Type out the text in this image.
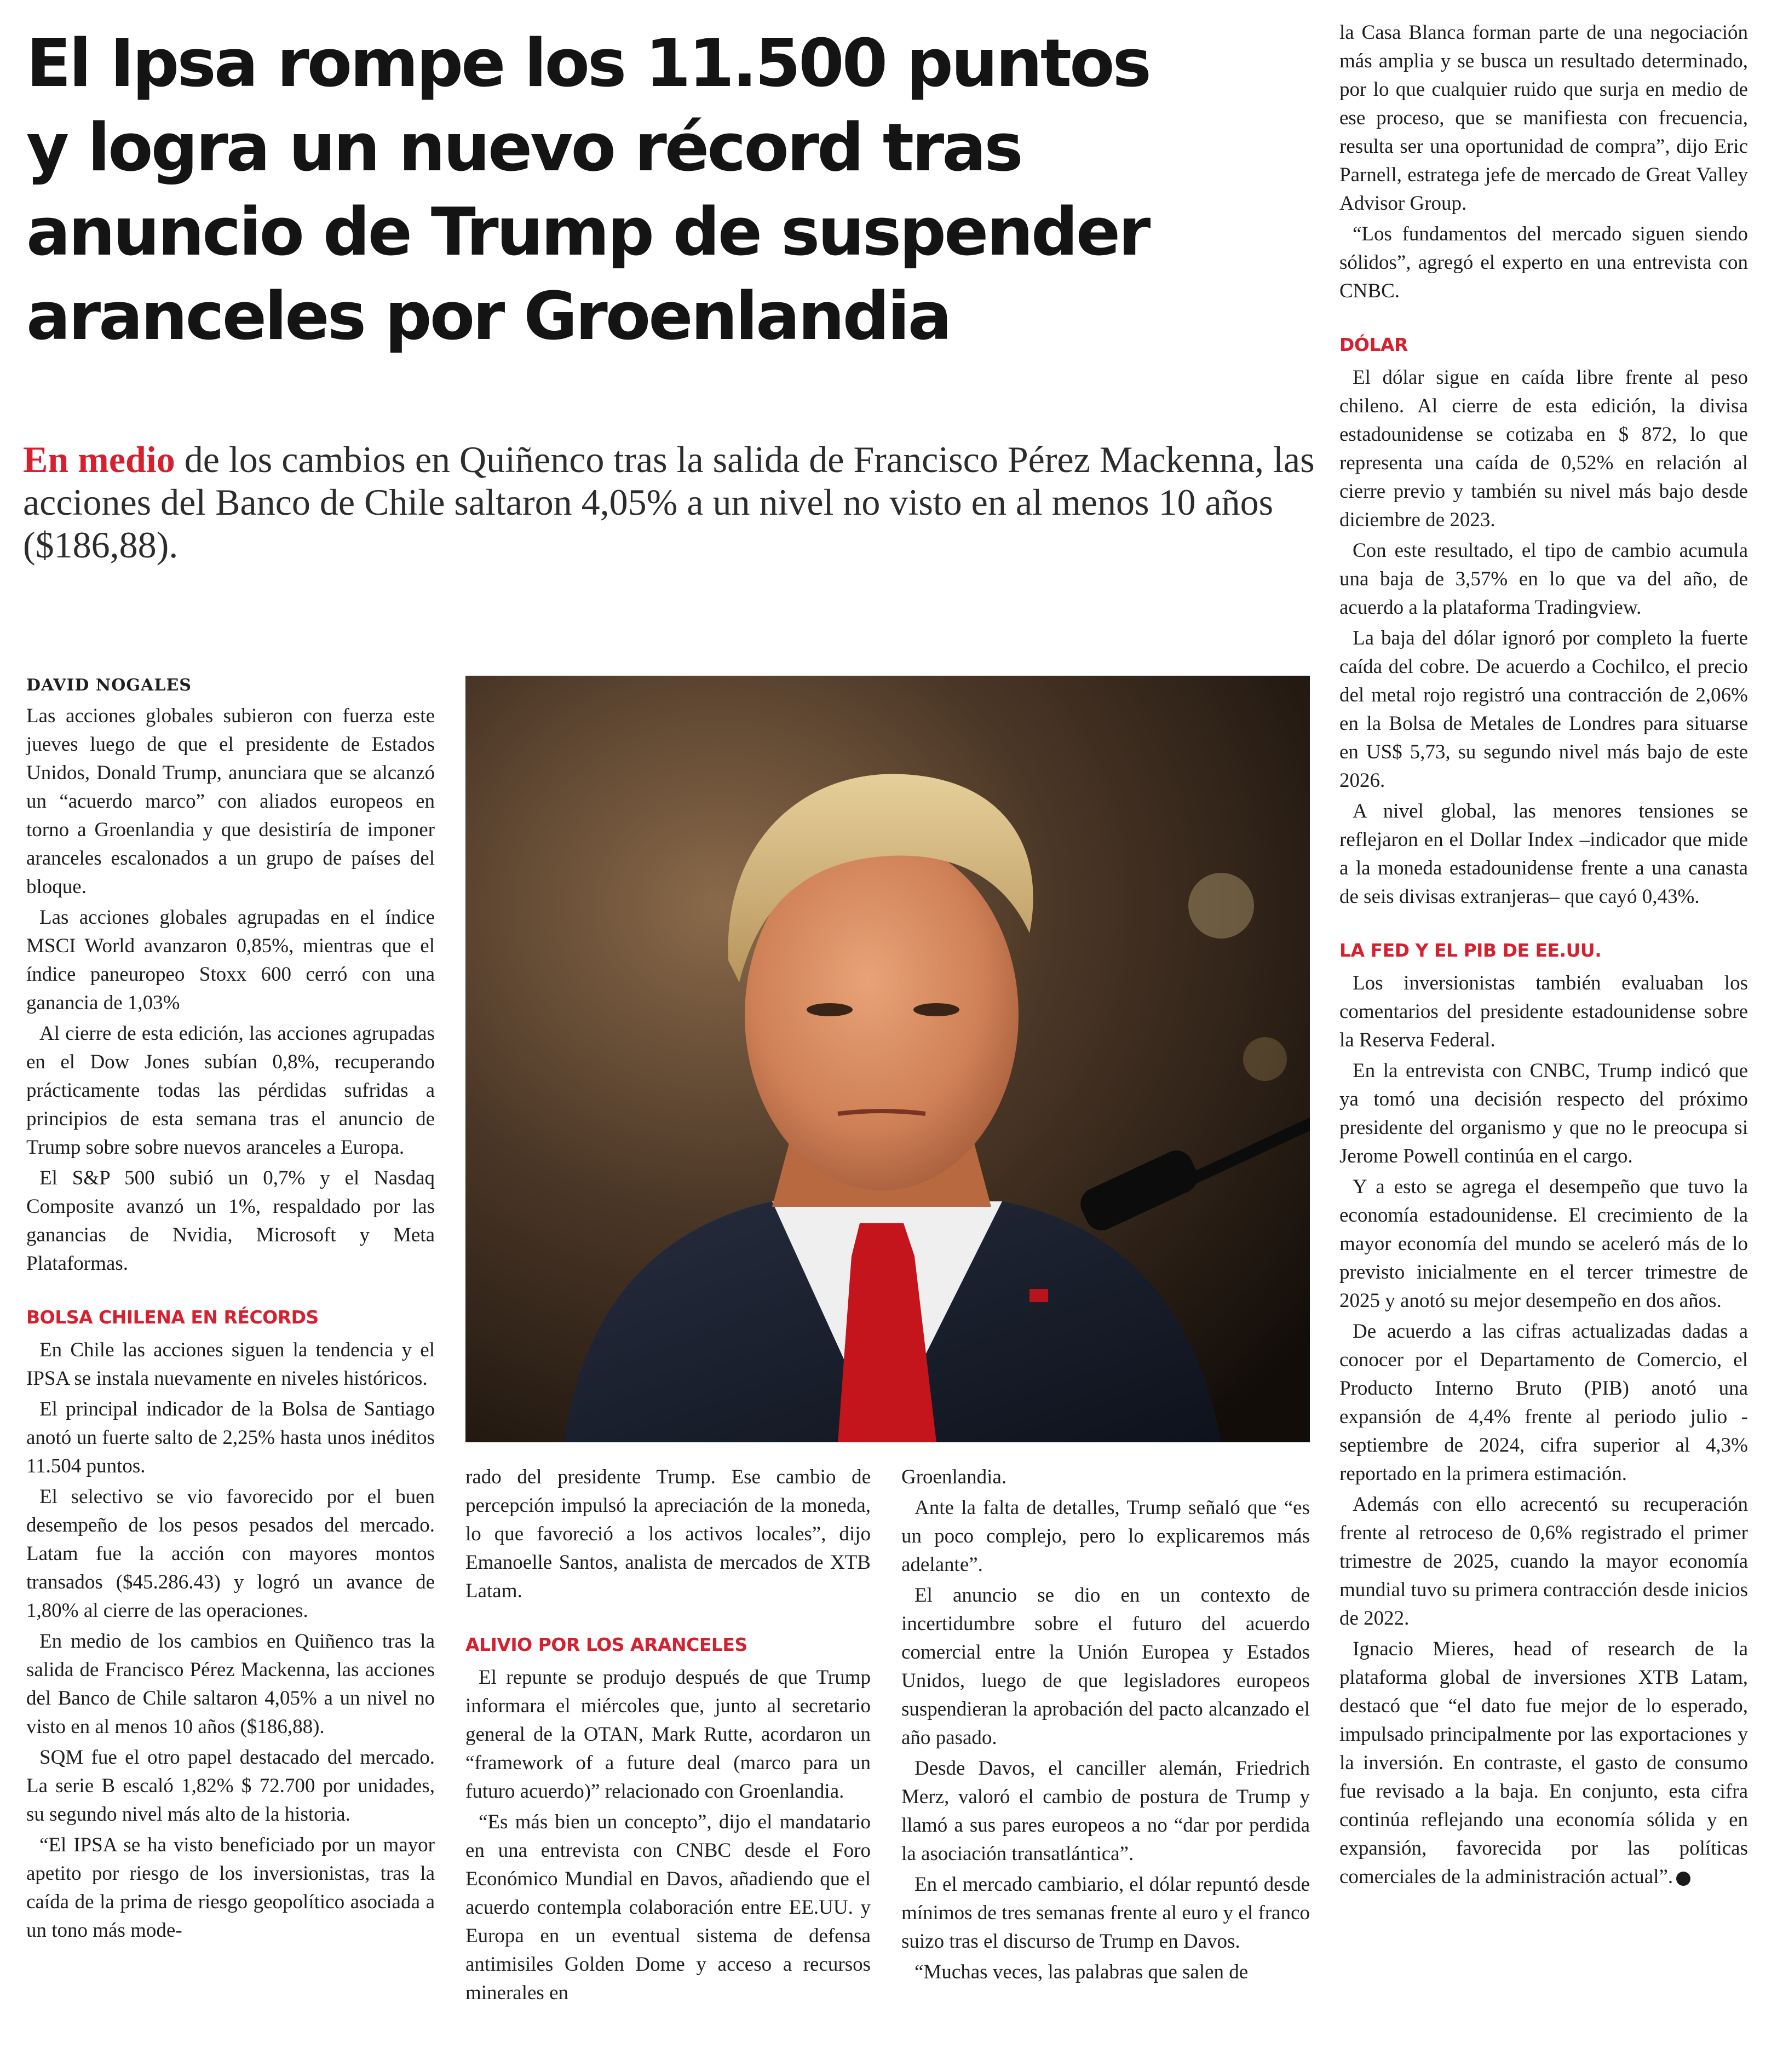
El Ipsa rompe los 11.500 puntos
y logra un nuevo récord tras
anuncio de Trump de suspender
aranceles por Groenlandia

En medio de los cambios en Quiñenco tras la salida de Francisco Pérez Mackenna, las acciones del Banco de Chile saltaron 4,05% a un nivel no visto en al menos 10 años ($186,88).

DAVID NOGALES

Las acciones globales subieron con fuerza este jueves luego de que el presidente de Estados Unidos, Donald Trump, anunciara que se alcanzó un “acuerdo marco” con aliados europeos en torno a Groenlandia y que desistiría de imponer aranceles escalonados a un grupo de países del bloque.

Las acciones globales agrupadas en el índice MSCI World avanzaron 0,85%, mientras que el índice paneuropeo Stoxx 600 cerró con una ganancia de 1,03%

Al cierre de esta edición, las acciones agrupadas en el Dow Jones subían 0,8%, recuperando prácticamente todas las pérdidas sufridas a principios de esta semana tras el anuncio de Trump sobre sobre nuevos aranceles a Europa.

El S&P 500 subió un 0,7% y el Nasdaq Composite avanzó un 1%, respaldado por las ganancias de Nvidia, Microsoft y Meta Plataformas.

BOLSA CHILENA EN RÉCORDS

En Chile las acciones siguen la tendencia y el IPSA se instala nuevamente en niveles históricos.

El principal indicador de la Bolsa de Santiago anotó un fuerte salto de 2,25% hasta unos inéditos 11.504 puntos.

El selectivo se vio favorecido por el buen desempeño de los pesos pesados del mercado. Latam fue la acción con mayores montos transados ($45.286.43) y logró un avance de 1,80% al cierre de las operaciones.

En medio de los cambios en Quiñenco tras la salida de Francisco Pérez Mackenna, las acciones del Banco de Chile saltaron 4,05% a un nivel no visto en al menos 10 años ($186,88).

SQM fue el otro papel destacado del mercado. La serie B escaló 1,82% $ 72.700 por unidades, su segundo nivel más alto de la historia.

“El IPSA se ha visto beneficiado por un mayor apetito por riesgo de los inversionistas, tras la caída de la prima de riesgo geopolítico asociada a un tono más mode-

rado del presidente Trump. Ese cambio de percepción impulsó la apreciación de la moneda, lo que favoreció a los activos locales”, dijo Emanoelle Santos, analista de mercados de XTB Latam.

ALIVIO POR LOS ARANCELES

El repunte se produjo después de que Trump informara el miércoles que, junto al secretario general de la OTAN, Mark Rutte, acordaron un “framework of a future deal (marco para un futuro acuerdo)” relacionado con Groenlandia.

“Es más bien un concepto”, dijo el mandatario en una entrevista con CNBC desde el Foro Económico Mundial en Davos, añadiendo que el acuerdo contempla colaboración entre EE.UU. y Europa en un eventual sistema de defensa antimisiles Golden Dome y acceso a recursos minerales en

Groenlandia.

Ante la falta de detalles, Trump señaló que “es un poco complejo, pero lo explicaremos más adelante”.

El anuncio se dio en un contexto de incertidumbre sobre el futuro del acuerdo comercial entre la Unión Europea y Estados Unidos, luego de que legisladores europeos suspendieran la aprobación del pacto alcanzado el año pasado.

Desde Davos, el canciller alemán, Friedrich Merz, valoró el cambio de postura de Trump y llamó a sus pares europeos a no “dar por perdida la asociación transatlántica”.

En el mercado cambiario, el dólar repuntó desde mínimos de tres semanas frente al euro y el franco suizo tras el discurso de Trump en Davos.

“Muchas veces, las palabras que salen de

la Casa Blanca forman parte de una negociación más amplia y se busca un resultado determinado, por lo que cualquier ruido que surja en medio de ese proceso, que se manifiesta con frecuencia, resulta ser una oportunidad de compra”, dijo Eric Parnell, estratega jefe de mercado de Great Valley Advisor Group.

“Los fundamentos del mercado siguen siendo sólidos”, agregó el experto en una entrevista con CNBC.

DÓLAR

El dólar sigue en caída libre frente al peso chileno. Al cierre de esta edición, la divisa estadounidense se cotizaba en $ 872, lo que representa una caída de 0,52% en relación al cierre previo y también su nivel más bajo desde diciembre de 2023.

Con este resultado, el tipo de cambio acumula una baja de 3,57% en lo que va del año, de acuerdo a la plataforma Tradingview.

La baja del dólar ignoró por completo la fuerte caída del cobre. De acuerdo a Cochilco, el precio del metal rojo registró una contracción de 2,06% en la Bolsa de Metales de Londres para situarse en US$ 5,73, su segundo nivel más bajo de este 2026.

A nivel global, las menores tensiones se reflejaron en el Dollar Index –indicador que mide a la moneda estadounidense frente a una canasta de seis divisas extranjeras– que cayó 0,43%.

LA FED Y EL PIB DE EE.UU.

Los inversionistas también evaluaban los comentarios del presidente estadounidense sobre la Reserva Federal.

En la entrevista con CNBC, Trump indicó que ya tomó una decisión respecto del próximo presidente del organismo y que no le preocupa si Jerome Powell continúa en el cargo.

Y a esto se agrega el desempeño que tuvo la economía estadounidense. El crecimiento de la mayor economía del mundo se aceleró más de lo previsto inicialmente en el tercer trimestre de 2025 y anotó su mejor desempeño en dos años.

De acuerdo a las cifras actualizadas dadas a conocer por el Departamento de Comercio, el Producto Interno Bruto (PIB) anotó una expansión de 4,4% frente al periodo julio - septiembre de 2024, cifra superior al 4,3% reportado en la primera estimación.

Además con ello acrecentó su recuperación frente al retroceso de 0,6% registrado el primer trimestre de 2025, cuando la mayor economía mundial tuvo su primera contracción desde inicios de 2022.

Ignacio Mieres, head of research de la plataforma global de inversiones XTB Latam, destacó que “el dato fue mejor de lo esperado, impulsado principalmente por las exportaciones y la inversión. En contraste, el gasto de consumo fue revisado a la baja. En conjunto, esta cifra continúa reflejando una economía sólida y en expansión, favorecida por las políticas comerciales de la administración actual”. P
